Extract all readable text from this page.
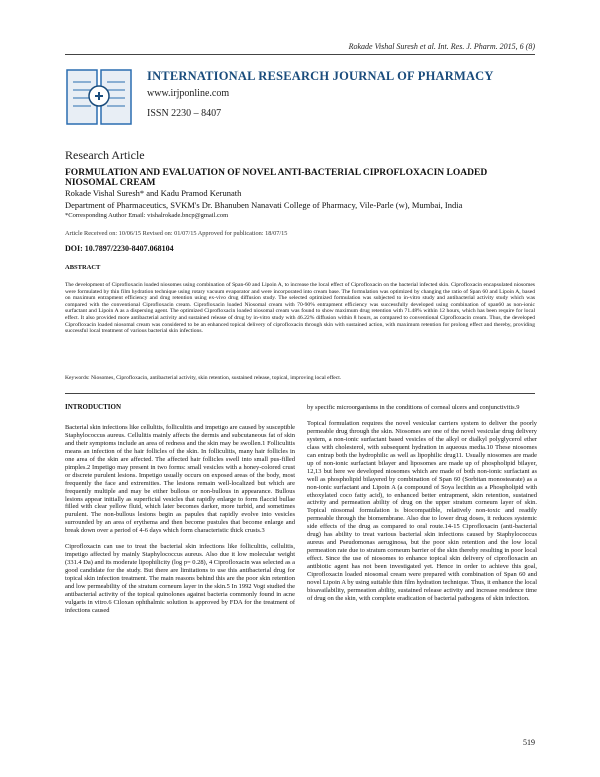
Rokade Vishal Suresh et al. Int. Res. J. Pharm. 2015, 6 (8)
INTERNATIONAL RESEARCH JOURNAL OF PHARMACY
www.irjponline.com
ISSN 2230 – 8407
Research Article
FORMULATION AND EVALUATION OF NOVEL ANTI-BACTERIAL CIPROFLOXACIN LOADED NIOSOMAL CREAM
Rokade Vishal Suresh* and Kadu Pramod Kerunath
Department of Pharmaceutics, SVKM's Dr. Bhanuben Nanavati College of Pharmacy, Vile-Parle (w), Mumbai, India
*Corresponding Author Email: vishalrokade.bncp@gmail.com
Article Received on: 10/06/15 Revised on: 01/07/15 Approved for publication: 18/07/15
DOI: 10.7897/2230-8407.068104
ABSTRACT
The development of Ciprofloxacin loaded niosomes using combination of Span-60 and Lipoin A, to increase the local effect of Ciprofloxacin on the bacterial infected skin. Ciprofloxacin encapsulated niosomes were formulated by thin film hydration technique using rotary vacuum evaporator and were incorporated into cream base. The formulation was optimized by changing the ratio of Span 60 and Lipoin A, based on maximum entrapment efficiency and drug retention using ex-vivo drug diffusion study. The selected optimized formulation was subjected to in-vitro study and antibacterial activity study which was compared with the conventional Ciprofloxacin cream. Ciprofloxacin loaded Niosomal cream with 70-90% entrapment efficiency was successfully developed using combination of span60 as non-ionic surfactant and Lipoin A as a dispersing agent. The optimized Ciprofloxacin loaded niosomal cream was found to show maximum drug retention with 71.48% within 12 hours, which has been require for local effect. It also provided more antibacterial activity and sustained release of drug by in-vitro study with 46.22% diffusion within 8 hours, as compared to conventional Ciprofloxacin cream. Thus, the developed Ciprofloxacin loaded niosomal cream was considered to be an enhanced topical delivery of ciprofloxacin through skin with sustained action, with maximum retention for prolong effect and thereby, providing successful local treatment of various bacterial skin infections.
Keywords: Niosomes, Ciprofloxacin, antibacterial activity, skin retention, sustained release, topical, improving local effect.
INTRODUCTION

Bacterial skin infections like cellulitis, folliculitis and impetigo are caused by susceptible Staphylococcus aureus. Cellulitis mainly affects the dermis and subcutaneous fat of skin and their symptoms include an area of redness and the skin may be swollen.1 Folliculitis means an infection of the hair follicles of the skin. In folliculitis, many hair follicles in one area of the skin are affected. The affected hair follicles swell into small pus-filled pimples.2 Impetigo may present in two forms: small vesicles with a honey-colored crust or discrete purulent lesions. Impetigo usually occurs on exposed areas of the body, most frequently the face and extremities. The lesions remain well-localized but which are frequently multiple and may be either bullous or non-bullous in appearance. Bullous lesions appear initially as superficial vesicles that rapidly enlarge to form flaccid bullae filled with clear yellow fluid, which later becomes darker, more turbid, and sometimes purulent. The non-bullous lesions begin as papules that rapidly evolve into vesicles surrounded by an area of erythema and then become pustules that become enlarge and break down over a period of 4-6 days which form characteristic thick crusts.3

Ciprofloxacin can use to treat the bacterial skin infections like folliculitis, cellulitis, impetigo affected by mainly Staphylococcus aureus. Also due it low molecular weight (331.4 Da) and its moderate lipophilicity (log p= 0.28), 4 Ciprofloxacin was selected as a good candidate for the study. But there are limitations to use this antibacterial drug for topical skin infection treatment. The main reasons behind this are the poor skin retention and low permeability of the stratum corneum layer in the skin.5 In 1992 Vogt studied the antibacterial activity of the topical quinolones against bacteria commonly found in acne vulgaris in vitro.6 Ciloxan ophthalmic solution is approved by FDA for the treatment of infections caused

by specific microorganisms in the conditions of corneal ulcers and conjunctivitis.9

Topical formulation requires the novel vesicular carriers system to deliver the poorly permeable drug through the skin. Niosomes are one of the novel vesicular drug delivery system, a non-ionic surfactant based vesicles of the alkyl or dialkyl polyglycerol ether class with cholesterol, with subsequent hydration in aqueous media.10 These niosomes can entrap both the hydrophilic as well as lipophilic drug11. Usually niosomes are made up of non-ionic surfactant bilayer and liposomes are made up of phospholipid bilayer, 12,13 but here we developed niosomes which are made of both non-ionic surfactant as well as phospholipid bilayered by combination of Span 60 (Sorbitan monostearate) as a non-ionic surfactant and Lipoin A (a compound of Soya lecithin as a Phospholipid with ethoxylated coco fatty acid), to enhanced better entrapment, skin retention, sustained activity and permeation ability of drug on the upper stratum corneum layer of skin. Topical niosomal formulation is biocompatible, relatively non-toxic and readily permeable through the biomembrane. Also due to lower drug doses, it reduces systemic side effects of the drug as compared to oral route.14-15 Ciprofloxacin (anti-bacterial drug) has ability to treat various bacterial skin infections caused by Staphylococcus aureus and Pseudomonas aeruginosa, but the poor skin retention and the low local permeation rate due to stratum corneum barrier of the skin thereby resulting in poor local effect. Since the use of niosomes to enhance topical skin delivery of ciprofloxacin an antibiotic agent has not been investigated yet. Hence in order to achieve this goal, Ciprofloxacin loaded niosomal cream were prepared with combination of Span 60 and novel Lipoin A by using suitable thin film hydration technique. Thus, it enhance the local bioavailability, permeation ability, sustained release activity and increase residence time of drug on the skin, with complete eradication of bacterial pathogens of skin infection.

519
